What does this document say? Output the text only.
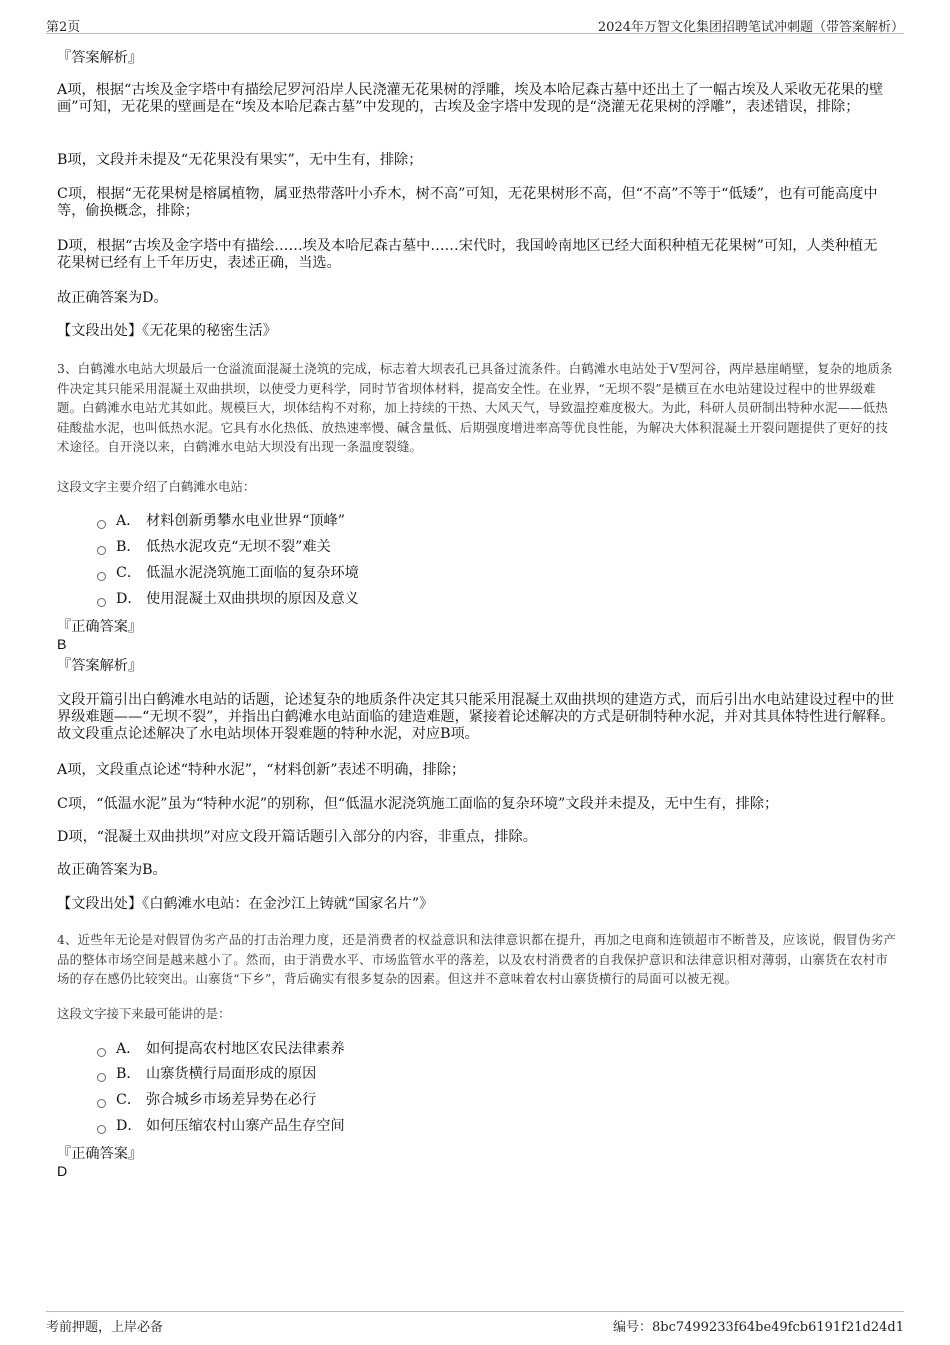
第2页	2024年万智文化集团招聘笔试冲刺题（带答案解析）
『答案解析』
A项，根据“古埃及金字塔中有描绘尼罗河沿岸人民浇灌无花果树的浮雕，埃及本哈尼森古墓中还出土了一幅古埃及人采收无花果的壁画”可知，无花果的壁画是在“埃及本哈尼森古墓”中发现的，古埃及金字塔中发现的是“浇灌无花果树的浮雕”，表述错误，排除；
B项，文段并未提及“无花果没有果实”，无中生有，排除；
C项，根据“无花果树是榕属植物，属亚热带落叶小乔木，树不高”可知，无花果树形不高，但“不高”不等于“低矮”，也有可能高度中等，偷换概念，排除；
D项，根据“古埃及金字塔中有描绘……埃及本哈尼森古墓中……宋代时，我国岭南地区已经大面积种植无花果树”可知，人类种植无花果树已经有上千年历史，表述正确，当选。
故正确答案为D。
【文段出处】《无花果的秘密生活》
3、白鹤滩水电站大坝最后一仓溢流面混凝土浇筑的完成，标志着大坝表孔已具备过流条件。白鹤滩水电站处于V型河谷，两岸悬崖峭壁，复杂的地质条件决定其只能采用混凝土双曲拱坝，以使受力更科学，同时节省坝体材料，提高安全性。在业界，“无坝不裂”是横亘在水电站建设过程中的世界级难题。白鹤滩水电站尤其如此。规模巨大，坝体结构不对称，加上持续的干热、大风天气，导致温控难度极大。为此，科研人员研制出特种水泥——低热硅酸盐水泥，也叫低热水泥。它具有水化热低、放热速率慢、碱含量低、后期强度增进率高等优良性能，为解决大体积混凝土开裂问题提供了更好的技术途径。自开浇以来，白鹤滩水电站大坝没有出现一条温度裂缝。
这段文字主要介绍了白鹤滩水电站：
A． 材料创新勇攀水电业世界“顶峰”
B． 低热水泥攻克“无坝不裂”难关
C． 低温水泥浇筑施工面临的复杂环境
D． 使用混凝土双曲拱坝的原因及意义
『正确答案』
B
『答案解析』
文段开篇引出白鹤滩水电站的话题，论述复杂的地质条件决定其只能采用混凝土双曲拱坝的建造方式，而后引出水电站建设过程中的世界级难题——“无坝不裂”，并指出白鹤滩水电站面临的建造难题，紧接着论述解决的方式是研制特种水泥，并对其具体特性进行解释。故文段重点论述解决了水电站坝体开裂难题的特种水泥，对应B项。
A项，文段重点论述“特种水泥”，“材料创新”表述不明确，排除；
C项，“低温水泥”虽为“特种水泥”的别称，但“低温水泥浇筑施工面临的复杂环境”文段并未提及，无中生有，排除；
D项，“混凝土双曲拱坝”对应文段开篇话题引入部分的内容，非重点，排除。
故正确答案为B。
【文段出处】《白鹤滩水电站：在金沙江上铸就“国家名片”》
4、近些年无论是对假冒伪劣产品的打击治理力度，还是消费者的权益意识和法律意识都在提升，再加之电商和连锁超市不断普及，应该说，假冒伪劣产品的整体市场空间是越来越小了。然而，由于消费水平、市场监管水平的落差，以及农村消费者的自我保护意识和法律意识相对薄弱，山寨货在农村市场的存在感仍比较突出。山寨货“下乡”，背后确实有很多复杂的因素。但这并不意味着农村山寨货横行的局面可以被无视。
这段文字接下来最可能讲的是：
A． 如何提高农村地区农民法律素养
B． 山寨货横行局面形成的原因
C． 弥合城乡市场差异势在必行
D． 如何压缩农村山寨产品生存空间
『正确答案』
D
考前押题，上岸必备	编号：8bc7499233f64be49fcb6191f21d24d1
